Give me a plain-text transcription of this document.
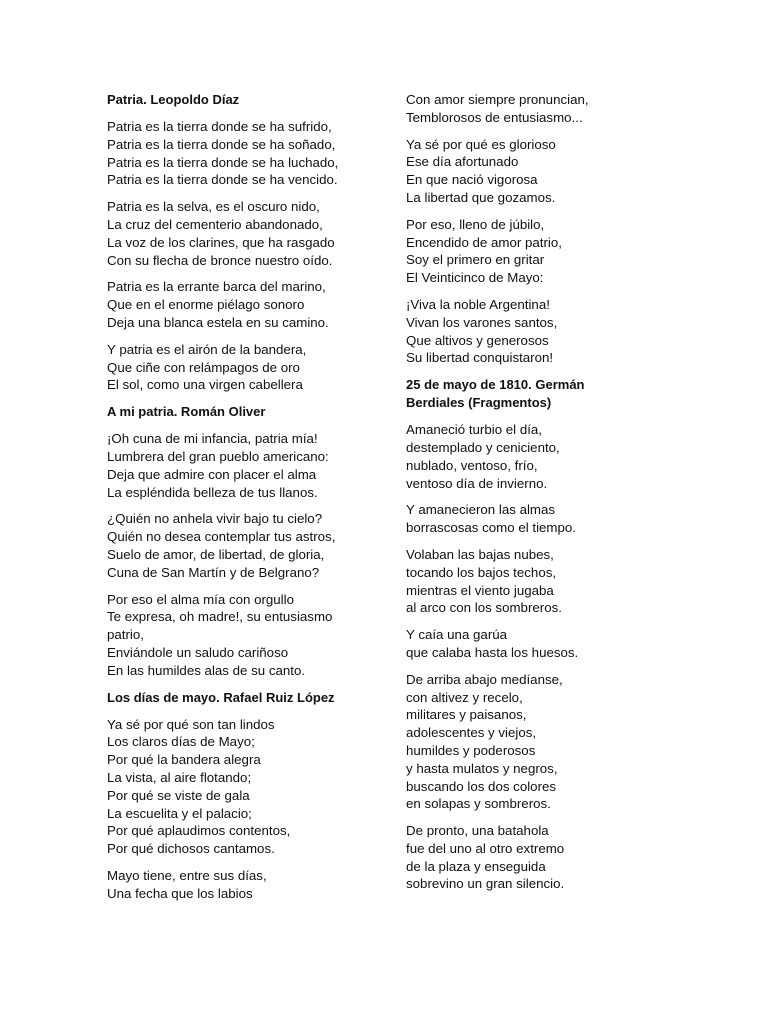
Patria. Leopoldo Díaz
Patria es la tierra donde se ha sufrido,
Patria es la tierra donde se ha soñado,
Patria es la tierra donde se ha luchado,
Patria es la tierra donde se ha vencido.
Patria es la selva, es el oscuro nido,
La cruz del cementerio abandonado,
La voz de los clarines, que ha rasgado
Con su flecha de bronce nuestro oído.
Patria es la errante barca del marino,
Que en el enorme piélago sonoro
Deja una blanca estela en su camino.
Y patria es el airón de la bandera,
Que ciñe con relámpagos de oro
El sol, como una virgen cabellera
A mi patria. Román Oliver
¡Oh cuna de mi infancia, patria mía!
Lumbrera del gran pueblo americano:
Deja que admire con placer el alma
La espléndida belleza de tus llanos.
¿Quién no anhela vivir bajo tu cielo?
Quién no desea contemplar tus astros,
Suelo de amor, de libertad, de gloria,
Cuna de San Martín y de Belgrano?
Por eso el alma mía con orgullo
Te expresa, oh madre!, su entusiasmo
patrio,
Enviándole un saludo cariñoso
En las humildes alas de su canto.
Los días de mayo. Rafael Ruiz López
Ya sé por qué son tan lindos
Los claros días de Mayo;
Por qué la bandera alegra
La vista, al aire flotando;
Por qué se viste de gala
La escuelita y el palacio;
Por qué aplaudimos contentos,
Por qué dichosos cantamos.
Mayo tiene, entre sus días,
Una fecha que los labios
Con amor siempre pronuncian,
Temblorosos de entusiasmo...
Ya sé por qué es glorioso
Ese día afortunado
En que nació vigorosa
La libertad que gozamos.
Por eso, lleno de júbilo,
Encendido de amor patrio,
Soy el primero en gritar
El Veinticinco de Mayo:
¡Viva la noble Argentina!
Vivan los varones santos,
Que altivos y generosos
Su libertad conquistaron!
25 de mayo de 1810. Germán
Berdiales (Fragmentos)
Amaneció turbio el día,
destemplado y ceniciento,
nublado, ventoso, frío,
ventoso día de invierno.
Y amanecieron las almas
borrascosas como el tiempo.
Volaban las bajas nubes,
tocando los bajos techos,
mientras el viento jugaba
al arco con los sombreros.
Y caía una garúa
que calaba hasta los huesos.
De arriba abajo medíanse,
con altivez y recelo,
militares y paisanos,
adolescentes y viejos,
humildes y poderosos
y hasta mulatos y negros,
buscando los dos colores
en solapas y sombreros.
De pronto, una batahola
fue del uno al otro extremo
de la plaza y enseguida
sobrevino un gran silencio.
